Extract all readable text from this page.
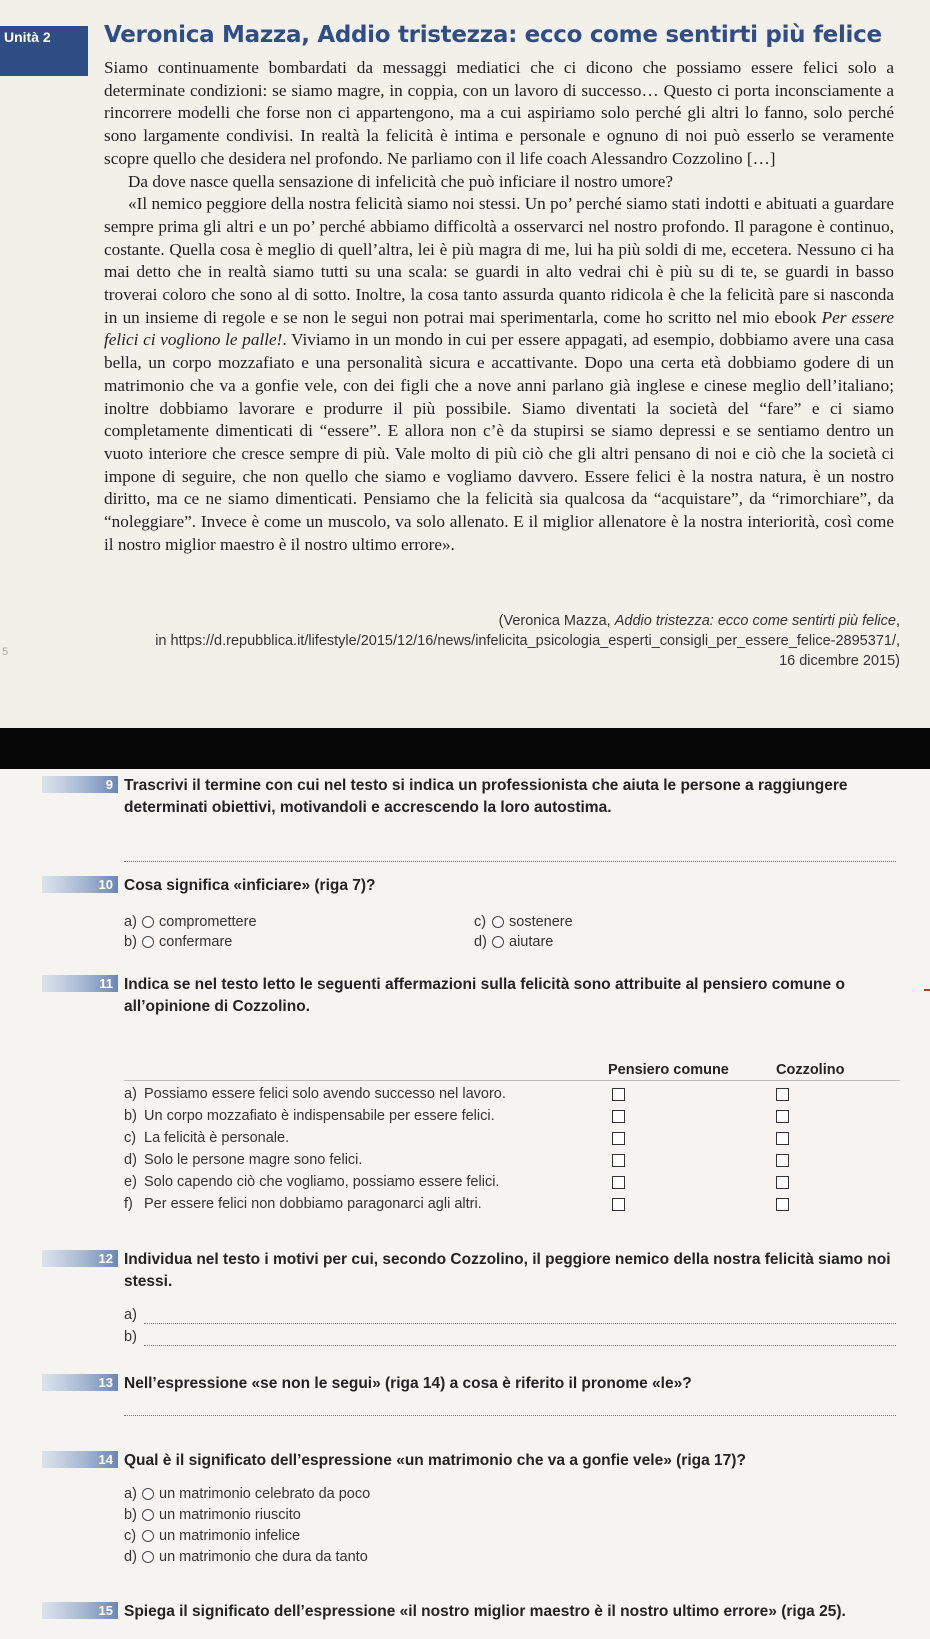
Unità 2	Veronica Mazza, Addio tristezza: ecco come sentirti più felice

Siamo continuamente bombardati da messaggi mediatici che ci dicono che possiamo essere felici solo a determinate condizioni: se siamo magre, in coppia, con un lavoro di successo… Questo ci porta inconsciamente a rincorrere modelli che forse non ci appartengono, ma a cui aspiriamo solo perché gli altri lo fanno, solo perché sono largamente condivisi. In realtà la felicità è intima e personale e ognuno di noi può esserlo se veramente scopre quello che desidera nel profondo. Ne parliamo con il life coach Alessandro Cozzolino […]

Da dove nasce quella sensazione di infelicità che può inficiare il nostro umore?

«Il nemico peggiore della nostra felicità siamo noi stessi. Un po’ perché siamo stati indotti e abituati a guardare sempre prima gli altri e un po’ perché abbiamo difficoltà a osservarci nel nostro profondo. Il paragone è continuo, costante. Quella cosa è meglio di quell’altra, lei è più magra di me, lui ha più soldi di me, eccetera. Nessuno ci ha mai detto che in realtà siamo tutti su una scala: se guardi in alto vedrai chi è più su di te, se guardi in basso troverai coloro che sono al di sotto. Inoltre, la cosa tanto assurda quanto ridicola è che la felicità pare si nasconda in un insieme di regole e se non le segui non potrai mai sperimentarla, come ho scritto nel mio ebook Per essere felici ci vogliono le palle!. Viviamo in un mondo in cui per essere appagati, ad esempio, dobbiamo avere una casa bella, un corpo mozzafiato e una personalità sicura e accattivante. Dopo una certa età dobbiamo godere di un matrimonio che va a gonfie vele, con dei figli che a nove anni parlano già inglese e cinese meglio dell’italiano; inoltre dobbiamo lavorare e produrre il più possibile. Siamo diventati la società del “fare” e ci siamo completamente dimenticati di “essere”. E allora non c’è da stupirsi se siamo depressi e se sentiamo dentro un vuoto interiore che cresce sempre di più. Vale molto di più ciò che gli altri pensano di noi e ciò che la società ci impone di seguire, che non quello che siamo e vogliamo davvero. Essere felici è la nostra natura, è un nostro diritto, ma ce ne siamo dimenticati. Pensiamo che la felicità sia qualcosa da “acquistare”, da “rimorchiare”, da “noleggiare”. Invece è come un muscolo, va solo allenato. E il miglior allenatore è la nostra interiorità, così come il nostro miglior maestro è il nostro ultimo errore».

(Veronica Mazza, Addio tristezza: ecco come sentirti più felice,
in https://d.repubblica.it/lifestyle/2015/12/16/news/infelicita_psicologia_esperti_consigli_per_essere_felice-2895371/,
16 dicembre 2015)
5
9 Trascrivi il termine con cui nel testo si indica un professionista che aiuta le persone a raggiungere determinati obiettivi, motivandoli e accrescendo la loro autostima.
10 Cosa significa «inficiare» (riga 7)?
a) compromettere
b) confermare
c) sostenere
d) aiutare
11 Indica se nel testo letto le seguenti affermazioni sulla felicità sono attribuite al pensiero comune o all’opinione di Cozzolino.
Pensiero comune	Cozzolino
a) Possiamo essere felici solo avendo successo nel lavoro.
b) Un corpo mozzafiato è indispensabile per essere felici.
c) La felicità è personale.
d) Solo le persone magre sono felici.
e) Solo capendo ciò che vogliamo, possiamo essere felici.
f) Per essere felici non dobbiamo paragonarci agli altri.
12 Individua nel testo i motivi per cui, secondo Cozzolino, il peggiore nemico della nostra felicità siamo noi stessi.
a)
b)
13 Nell’espressione «se non le segui» (riga 14) a cosa è riferito il pronome «le»?
14 Qual è il significato dell’espressione «un matrimonio che va a gonfie vele» (riga 17)?
a) un matrimonio celebrato da poco
b) un matrimonio riuscito
c) un matrimonio infelice
d) un matrimonio che dura da tanto
15 Spiega il significato dell’espressione «il nostro miglior maestro è il nostro ultimo errore» (riga 25).
